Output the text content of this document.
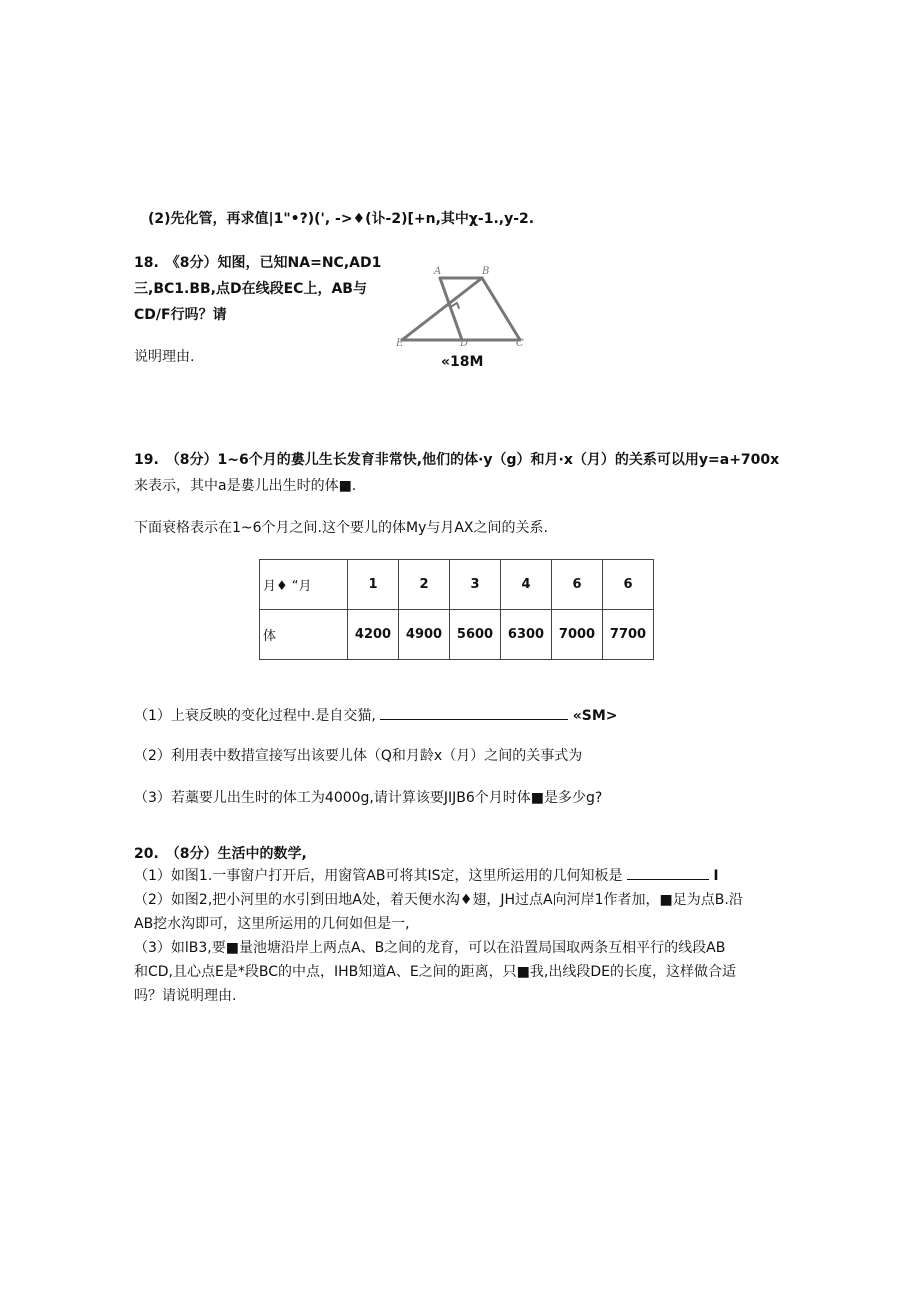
(2)先化管，再求值|1"•?)(', ->♦(讣-2)[+n,其中χ-1.,y-2.
18.　《8分）知图，已知NA=NC,AD1
三,BC1.BB,点D在线段EC上，AB与
CD/F行吗？请
说明理由.
A	B
E	D	C
«18M
19.　（8分）1~6个月的婁儿生长发育非常快,他们的体·y（g）和月·x（月）的关系可以用y=a+700x
来表示，其中a是婁儿出生时的体■.
下面衰格表示在1~6个月之间.这个要儿的体My与月AX之间的关系.
月♦ “月	1	2	3	4	6	6
体	4200	4900	5600	6300	7000	7700
（1）上衰反映的变化过程中.是自交猫,	«SM>
（2）利用表中数措宣接写出该要儿体（Q和月龄x（月）之间的关事式为
（3）若藁要儿出生时的体工为4000g,请计算该要JIJB6个月时体■是多少g?
20.　（8分）生活中的数学,
（1）如图1.一事窗户打开后，用窗管AB可将其IS定，这里所运用的几何知板是	I
（2）如图2,把小河里的水引到田地A处，着天便水沟♦翅，JH过点A向河岸1作者加，■足为点B.沿
AB挖水沟即可，这里所运用的几何如但是一,
（3）如lB3,要■量池塘沿岸上两点A、B之间的龙育，可以在沿置局国取两条互相平行的线段AB
和CD,且心点E是*段BC的中点，IHB知道A、E之间的距离，只■我,出线段DE的长度，这样做合适
吗？请说明理由.
